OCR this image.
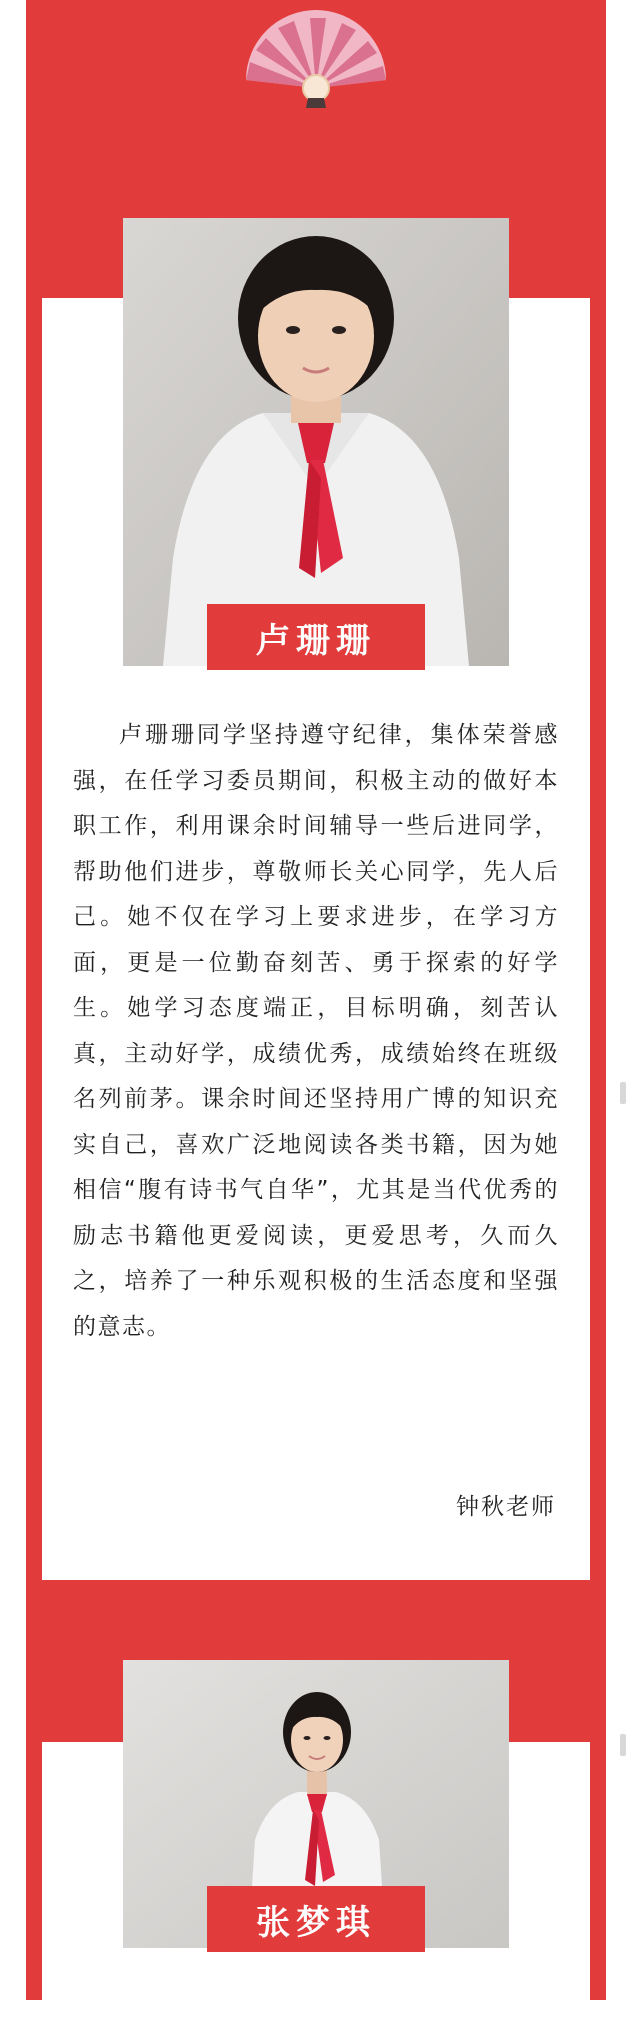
卢珊珊

卢珊珊同学坚持遵守纪律，集体荣誉感强，在任学习委员期间，积极主动的做好本职工作，利用课余时间辅导一些后进同学，帮助他们进步，尊敬师长关心同学，先人后己。她不仅在学习上要求进步，在学习方面，更是一位勤奋刻苦、勇于探索的好学生。她学习态度端正，目标明确，刻苦认真，主动好学，成绩优秀，成绩始终在班级名列前茅。课余时间还坚持用广博的知识充实自己，喜欢广泛地阅读各类书籍，因为她相信“腹有诗书气自华”，尤其是当代优秀的励志书籍他更爱阅读，更爱思考，久而久之，培养了一种乐观积极的生活态度和坚强的意志。

钟秋老师
张梦琪
